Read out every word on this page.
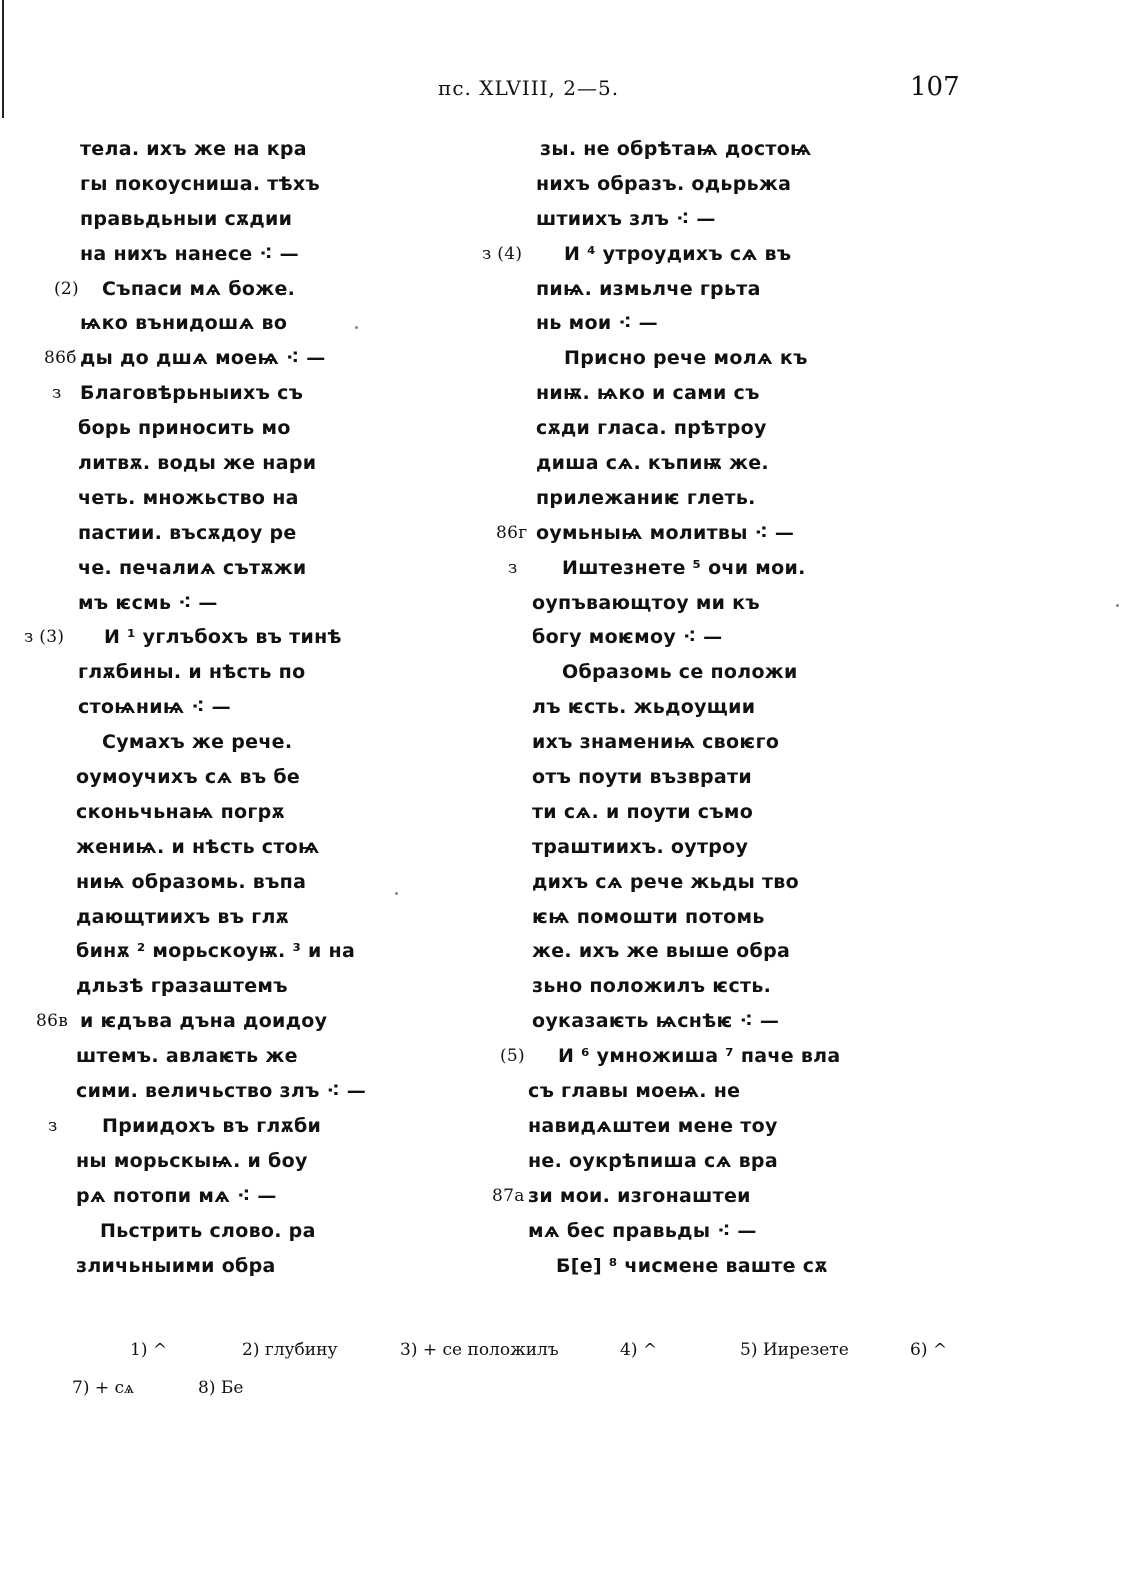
пс. XLVIII, 2—5.	107
тела. ихъ же на кра
гы покоусниша. тѣхъ
правьдьныи сѫдии
на нихъ нанесе ⁖ —
(2) Съпаси мѧ боже.
ѩко вънидошѧ во
86б ды до дшѧ моеѩ ⁖ —
з Благовѣрьныихъ съ
борь приносить мо
литвѫ. воды же нари
четь. множьство на
пастии. въсѫдоу ре
че. печалиѧ сътѫжи
мъ ѥсмь ⁖ —
з (3) И ¹ углъбохъ въ тинѣ
глѫбины. и нѣсть по
стоѩниѩ ⁖ —
Сумахъ же рече.
оумоучихъ сѧ въ бе
сконьчьнаѩ погрѫ
жениѩ. и нѣсть стоѩ
ниѩ образомь. въпа
дающтиихъ въ глѫ
бинѫ ² морьскоуѭ. ³ и на
дльзѣ гразаштемъ
86в и ѥдъва дъна доидоу
штемъ. авлаѥть же
сими. величьство злъ ⁖ —
з Приидохъ въ глѫби
ны морьскыѩ. и боу
рѧ потопи мѧ ⁖ —
Пьстрить слово. ра
зличьныими обра
зы. не обрѣтаѩ достоѩ
нихъ образъ. одьрьжа
штиихъ злъ ⁖ —
з (4) И ⁴ утроудихъ сѧ въ
пиѩ. измьлче грьта
нь мои ⁖ —
Присно рече молѧ къ
ниѭ. ѩко и сами съ
сѫди гласа. прѣтроу
диша сѧ. къпиѭ же.
прилежаниѥ глеть.
86г оумьныѩ молитвы ⁖ —
з Иштезнете ⁵ очи мои.
оупъвающтоу ми къ
богу моѥмоу ⁖ —
Образомь се положи
лъ ѥсть. жьдоущии
ихъ знамениѩ своѥго
отъ поути възврати
ти сѧ. и поути съмо
траштиихъ. оутроу
дихъ сѧ рече жьды тво
ѥѩ помошти потомь
же. ихъ же выше обра
зьно положилъ ѥсть.
оуказаѥть ѩснѣѥ ⁖ —
(5) И ⁶ умножиша ⁷ паче вла
съ главы моеѩ. не
навидѧштеи мене тоу
не. оукрѣпиша сѧ вра
87а зи мои. изгонаштеи
мѧ бес правьды ⁖ —
Б[е] ⁸ чисмене ваште сѫ
1) ^	2) глубину	3) + се положилъ	4) ^	5) Иирезете	6) ^
7) + сѧ	8) Бе
